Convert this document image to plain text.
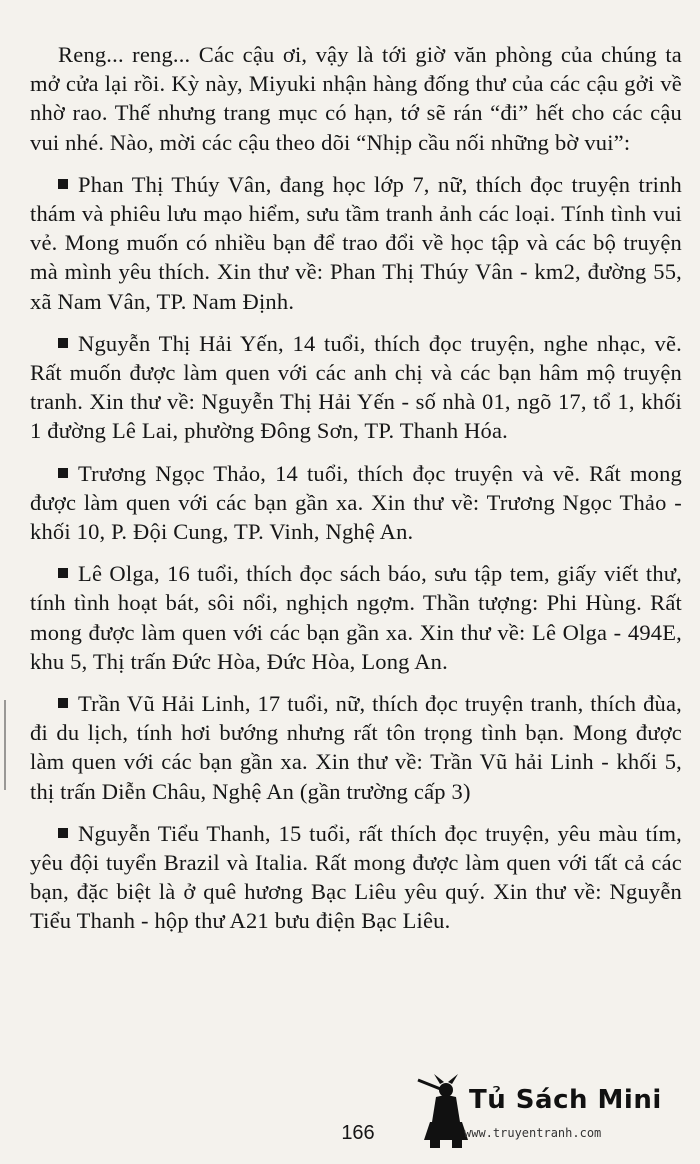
Reng... reng... Các cậu ơi, vậy là tới giờ văn phòng của chúng ta mở cửa lại rồi. Kỳ này, Miyuki nhận hàng đống thư của các cậu gởi về nhờ rao. Thế nhưng trang mục có hạn, tớ sẽ rán “đi” hết cho các cậu vui nhé. Nào, mời các cậu theo dõi “Nhịp cầu nối những bờ vui”:

Phan Thị Thúy Vân, đang học lớp 7, nữ, thích đọc truyện trinh thám và phiêu lưu mạo hiểm, sưu tầm tranh ảnh các loại. Tính tình vui vẻ. Mong muốn có nhiều bạn để trao đổi về học tập và các bộ truyện mà mình yêu thích. Xin thư về: Phan Thị Thúy Vân - km2, đường 55, xã Nam Vân, TP. Nam Định.

Nguyễn Thị Hải Yến, 14 tuổi, thích đọc truyện, nghe nhạc, vẽ. Rất muốn được làm quen với các anh chị và các bạn hâm mộ truyện tranh. Xin thư về: Nguyễn Thị Hải Yến - số nhà 01, ngõ 17, tổ 1, khối 1 đường Lê Lai, phường Đông Sơn, TP. Thanh Hóa.

Trương Ngọc Thảo, 14 tuổi, thích đọc truyện và vẽ. Rất mong được làm quen với các bạn gần xa. Xin thư về: Trương Ngọc Thảo - khối 10, P. Đội Cung, TP. Vinh, Nghệ An.

Lê Olga, 16 tuổi, thích đọc sách báo, sưu tập tem, giấy viết thư, tính tình hoạt bát, sôi nổi, nghịch ngợm. Thần tượng: Phi Hùng. Rất mong được làm quen với các bạn gần xa. Xin thư về: Lê Olga - 494E, khu 5, Thị trấn Đức Hòa, Đức Hòa, Long An.

Trần Vũ Hải Linh, 17 tuổi, nữ, thích đọc truyện tranh, thích đùa, đi du lịch, tính hơi bướng nhưng rất tôn trọng tình bạn. Mong được làm quen với các bạn gần xa. Xin thư về: Trần Vũ hải Linh - khối 5, thị trấn Diễn Châu, Nghệ An (gần trường cấp 3)

Nguyễn Tiểu Thanh, 15 tuổi, rất thích đọc truyện, yêu màu tím, yêu đội tuyển Brazil và Italia. Rất mong được làm quen với tất cả các bạn, đặc biệt là ở quê hương Bạc Liêu yêu quý. Xin thư về: Nguyễn Tiểu Thanh - hộp thư A21 bưu điện Bạc Liêu.

166
Tủ Sách Mini
www.truyentranh.com
